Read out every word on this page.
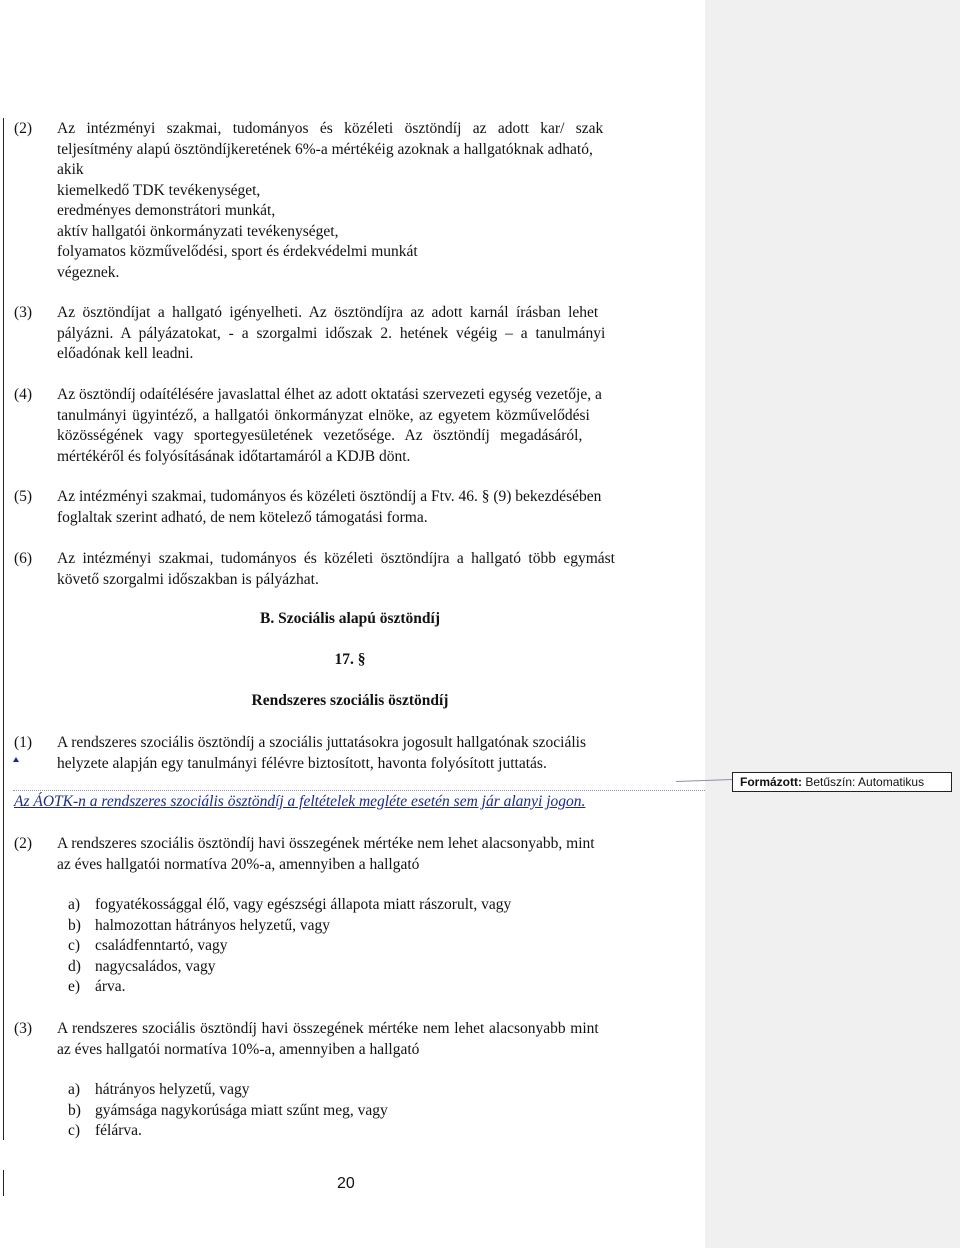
(2)	Az intézményi szakmai, tudományos és közéleti ösztöndíj az adott kar/ szak
teljesítmény alapú ösztöndíjkeretének 6%-a mértékéig azoknak a hallgatóknak adható,
akik
kiemelkedő TDK tevékenységet,
eredményes demonstrátori munkát,
aktív hallgatói önkormányzati tevékenységet,
folyamatos közművelődési, sport és érdekvédelmi munkát
végeznek.
(3)	Az ösztöndíjat a hallgató igényelheti. Az ösztöndíjra az adott karnál írásban lehet
pályázni. A pályázatokat, - a szorgalmi időszak 2. hetének végéig – a tanulmányi
előadónak kell leadni.
(4)	Az ösztöndíj odaítélésére javaslattal élhet az adott oktatási szervezeti egység vezetője, a
tanulmányi ügyintéző, a hallgatói önkormányzat elnöke, az egyetem közművelődési
közösségének vagy sportegyesületének vezetősége. Az ösztöndíj megadásáról,
mértékéről és folyósításának időtartamáról a KDJB dönt.
(5)	Az intézményi szakmai, tudományos és közéleti ösztöndíj a Ftv. 46. § (9) bekezdésében
foglaltak szerint adható, de nem kötelező támogatási forma.
(6)	Az intézményi szakmai, tudományos és közéleti ösztöndíjra a hallgató több egymást
követő szorgalmi időszakban is pályázhat.
B. Szociális alapú ösztöndíj
17. §
Rendszeres szociális ösztöndíj
(1)	A rendszeres szociális ösztöndíj a szociális juttatásokra jogosult hallgatónak szociális
helyzete alapján egy tanulmányi félévre biztosított, havonta folyósított juttatás.
Az ÁOTK-n a rendszeres szociális ösztöndíj a feltételek megléte esetén sem jár alanyi jogon.
(2)	A rendszeres szociális ösztöndíj havi összegének mértéke nem lehet alacsonyabb, mint
az éves hallgatói normatíva 20%-a, amennyiben a hallgató
a) fogyatékossággal élő, vagy egészségi állapota miatt rászorult, vagy
b) halmozottan hátrányos helyzetű, vagy
c) családfenntartó, vagy
d) nagycsaládos, vagy
e) árva.
(3)	A rendszeres szociális ösztöndíj havi összegének mértéke nem lehet alacsonyabb mint
az éves hallgatói normatíva 10%-a, amennyiben a hallgató
a) hátrányos helyzetű, vagy
b) gyámsága nagykorúsága miatt szűnt meg, vagy
c) félárva.
20
Formázott: Betűszín: Automatikus
